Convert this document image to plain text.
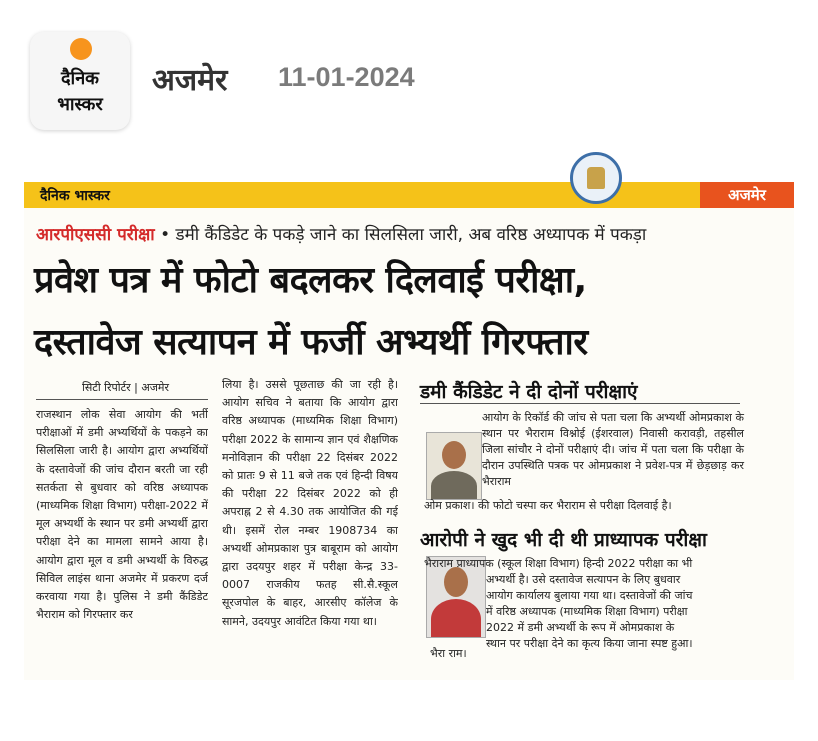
दैनिक
भास्कर
अजमेर 11-01-2024
दैनिक भास्कर	अजमेर
आरपीएससी परीक्षा • डमी कैंडिडेट के पकड़े जाने का सिलसिला जारी, अब वरिष्ठ अध्यापक में पकड़ा
प्रवेश पत्र में फोटो बदलकर दिलवाई परीक्षा,
दस्तावेज सत्यापन में फर्जी अभ्यर्थी गिरफ्तार
सिटी रिपोर्टर | अजमेर
राजस्थान लोक सेवा आयोग की भर्ती परीक्षाओं में डमी अभ्यर्थियों के पकड़ने का सिलसिला जारी है। आयोग द्वारा अभ्यर्थियों के दस्तावेजों की जांच दौरान बरती जा रही सतर्कता से बुधवार को वरिष्ठ अध्यापक (माध्यमिक शिक्षा विभाग) परीक्षा-2022 में मूल अभ्यर्थी के स्थान पर डमी अभ्यर्थी द्वारा परीक्षा देने का मामला सामने आया है। आयोग द्वारा मूल व डमी अभ्यर्थी के विरुद्ध सिविल लाइंस थाना अजमेर में प्रकरण दर्ज करवाया गया है। पुलिस ने डमी कैंडिडेट भैराराम को गिरफ्तार कर
लिया है। उससे पूछताछ की जा रही है। आयोग सचिव ने बताया कि आयोग द्वारा वरिष्ठ अध्यापक (माध्यमिक शिक्षा विभाग) परीक्षा 2022 के सामान्य ज्ञान एवं शैक्षणिक मनोविज्ञान की परीक्षा 22 दिसंबर 2022 को प्रातः 9 से 11 बजे तक एवं हिन्दी विषय की परीक्षा 22 दिसंबर 2022 को ही अपराह्न 2 से 4.30 तक आयोजित की गई थी। इसमें रोल नम्बर 1908734 का अभ्यर्थी ओमप्रकाश पुत्र बाबूराम को आयोग द्वारा उदयपुर शहर में परीक्षा केन्द्र 33-0007 राजकीय फतह सी.सै.स्कूल सूरजपोल के बाहर, आरसीए कॉलेज के सामने, उदयपुर आवंटित किया गया था।
डमी कैंडिडेट ने दी दोनों परीक्षाएं
आयोग के रिकॉर्ड की जांच से पता चला कि अभ्यर्थी ओमप्रकाश के स्थान पर भैराराम विश्नोई (ईशरवाल) निवासी करावड़ी, तहसील जिला सांचौर ने दोनों परीक्षाएं दी। जांच में पता चला कि परीक्षा के दौरान उपस्थिति पत्रक पर ओमप्रकाश ने प्रवेश-पत्र में छेड़छाड़ कर भैराराम
ओम प्रकाश। की फोटो चस्पा कर भैराराम से परीक्षा दिलवाई है।
आरोपी ने खुद भी दी थी प्राध्यापक परीक्षा
भैराराम प्राध्यापक (स्कूल शिक्षा विभाग) हिन्दी 2022 परीक्षा का भी
अभ्यर्थी है। उसे दस्तावेज सत्यापन के लिए बुधवार
आयोग कार्यालय बुलाया गया था। दस्तावेजों की जांच
में वरिष्ठ अध्यापक (माध्यमिक शिक्षा विभाग) परीक्षा
2022 में डमी अभ्यर्थी के रूप में ओमप्रकाश के
स्थान पर परीक्षा देने का कृत्य किया जाना स्पष्ट हुआ।
भैरा राम।
